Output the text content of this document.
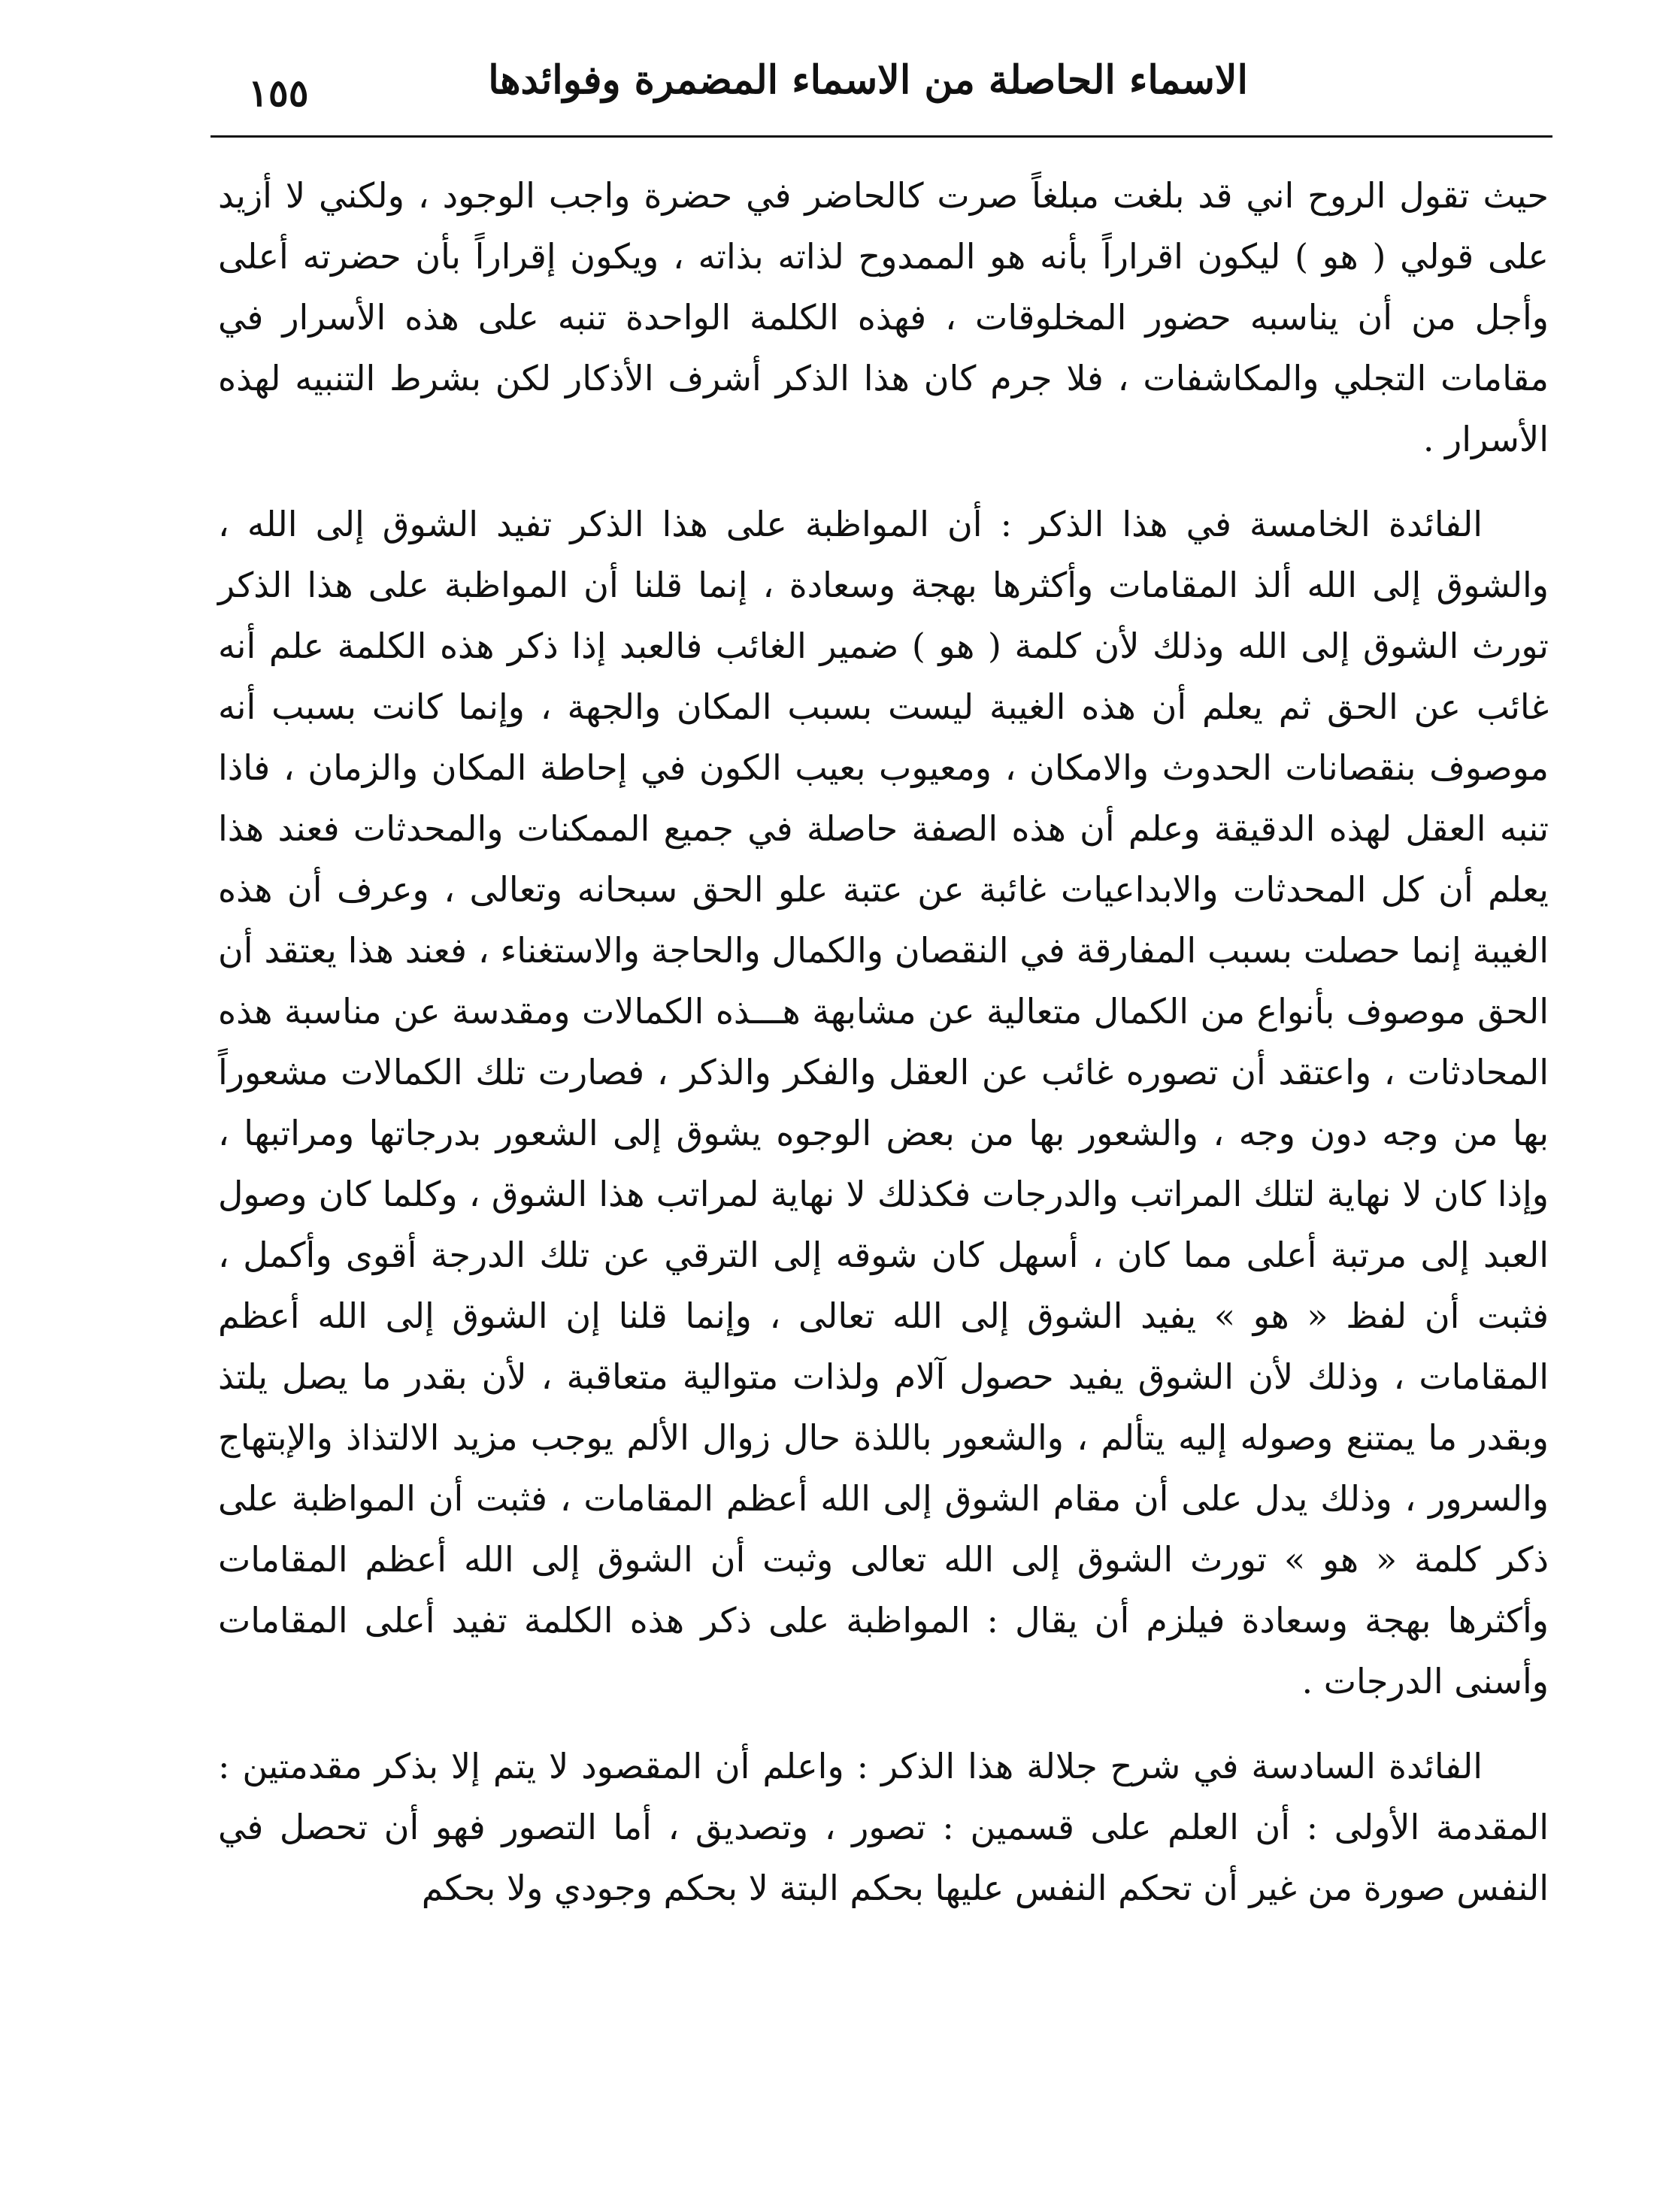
الاسماء الحاصلة من الاسماء المضمرة وفوائدها
١٥٥

حيث تقول الروح اني قد بلغت مبلغاً صرت كالحاضر في حضرة واجب الوجود ، ولكني لا أزيد على قولي ( هو ) ليكون اقراراً بأنه هو الممدوح لذاته بذاته ، ويكون إقراراً بأن حضرته أعلى وأجل من أن يناسبه حضور المخلوقات ، فهذه الكلمة الواحدة تنبه على هذه الأسرار في مقامات التجلي والمكاشفات ، فلا جرم كان هذا الذكر أشرف الأذكار لكن بشرط التنبيه لهذه الأسرار .

الفائدة الخامسة في هذا الذكر : أن المواظبة على هذا الذكر تفيد الشوق إلى الله ، والشوق إلى الله ألذ المقامات وأكثرها بهجة وسعادة ، إنما قلنا أن المواظبة على هذا الذكر تورث الشوق إلى الله وذلك لأن كلمة ( هو ) ضمير الغائب فالعبد إذا ذكر هذه الكلمة علم أنه غائب عن الحق ثم يعلم أن هذه الغيبة ليست بسبب المكان والجهة ، وإنما كانت بسبب أنه موصوف بنقصانات الحدوث والامكان ، ومعيوب بعيب الكون في إحاطة المكان والزمان ، فاذا تنبه العقل لهذه الدقيقة وعلم أن هذه الصفة حاصلة في جميع الممكنات والمحدثات فعند هذا يعلم أن كل المحدثات والابداعيات غائبة عن عتبة علو الحق سبحانه وتعالى ، وعرف أن هذه الغيبة إنما حصلت بسبب المفارقة في النقصان والكمال والحاجة والاستغناء ، فعند هذا يعتقد أن الحق موصوف بأنواع من الكمال متعالية عن مشابهة هـــذه الكمالات ومقدسة عن مناسبة هذه المحادثات ، واعتقد أن تصوره غائب عن العقل والفكر والذكر ، فصارت تلك الكمالات مشعوراً بها من وجه دون وجه ، والشعور بها من بعض الوجوه يشوق إلى الشعور بدرجاتها ومراتبها ، وإذا كان لا نهاية لتلك المراتب والدرجات فكذلك لا نهاية لمراتب هذا الشوق ، وكلما كان وصول العبد إلى مرتبة أعلى مما كان ، أسهل كان شوقه إلى الترقي عن تلك الدرجة أقوى وأكمل ، فثبت أن لفظ « هو » يفيد الشوق إلى الله تعالى ، وإنما قلنا إن الشوق إلى الله أعظم المقامات ، وذلك لأن الشوق يفيد حصول آلام ولذات متوالية متعاقبة ، لأن بقدر ما يصل يلتذ وبقدر ما يمتنع وصوله إليه يتألم ، والشعور باللذة حال زوال الألم يوجب مزيد الالتذاذ والإبتهاج والسرور ، وذلك يدل على أن مقام الشوق إلى الله أعظم المقامات ، فثبت أن المواظبة على ذكر كلمة « هو » تورث الشوق إلى الله تعالى وثبت أن الشوق إلى الله أعظم المقامات وأكثرها بهجة وسعادة فيلزم أن يقال : المواظبة على ذكر هذه الكلمة تفيد أعلى المقامات وأسنى الدرجات .

الفائدة السادسة في شرح جلالة هذا الذكر : واعلم أن المقصود لا يتم إلا بذكر مقدمتين : المقدمة الأولى : أن العلم على قسمين : تصور ، وتصديق ، أما التصور فهو أن تحصل في النفس صورة من غير أن تحكم النفس عليها بحكم البتة لا بحكم وجودي ولا بحكم
